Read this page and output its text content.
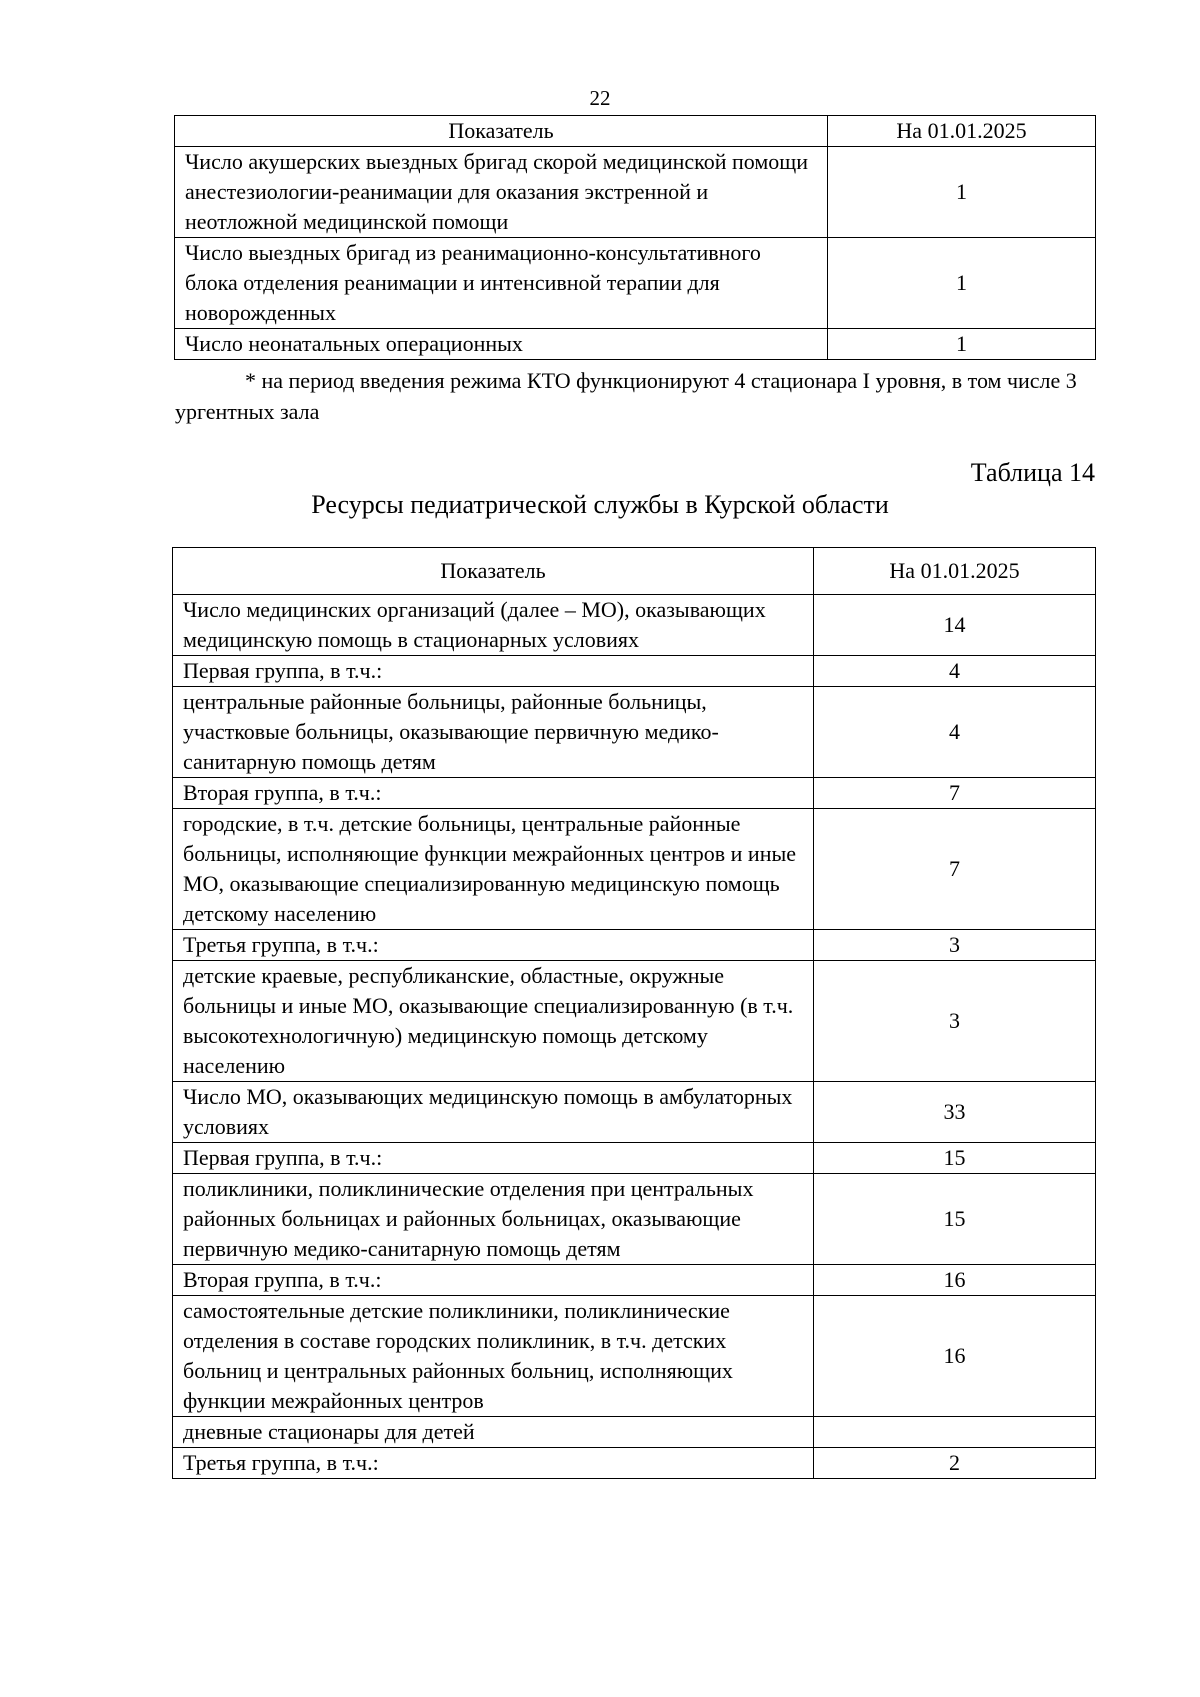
22
Показатель	На 01.01.2025
Число акушерских выездных бригад скорой медицинской помощи анестезиологии-реанимации для оказания экстренной и неотложной медицинской помощи	1
Число выездных бригад из реанимационно-консультативного блока отделения реанимации и интенсивной терапии для новорожденных	1
Число неонатальных операционных	1
* на период введения режима КТО функционируют 4 стационара I уровня, в том числе 3 ургентных зала
Таблица 14
Ресурсы педиатрической службы в Курской области
Показатель	На 01.01.2025
Число медицинских организаций (далее – МО), оказывающих медицинскую помощь в стационарных условиях	14
Первая группа, в т.ч.:	4
центральные районные больницы, районные больницы, участковые больницы, оказывающие первичную медико-санитарную помощь детям	4
Вторая группа, в т.ч.:	7
городские, в т.ч. детские больницы, центральные районные больницы, исполняющие функции межрайонных центров и иные МО, оказывающие специализированную медицинскую помощь детскому населению	7
Третья группа, в т.ч.:	3
детские краевые, республиканские, областные, окружные больницы и иные МО, оказывающие специализированную (в т.ч. высокотехнологичную) медицинскую помощь детскому населению	3
Число МО, оказывающих медицинскую помощь в амбулаторных условиях	33
Первая группа, в т.ч.:	15
поликлиники, поликлинические отделения при центральных районных больницах и районных больницах, оказывающие первичную медико-санитарную помощь детям	15
Вторая группа, в т.ч.:	16
самостоятельные детские поликлиники, поликлинические отделения в составе городских поликлиник, в т.ч. детских больниц и центральных районных больниц, исполняющих функции межрайонных центров	16
дневные стационары для детей	
Третья группа, в т.ч.:	2
